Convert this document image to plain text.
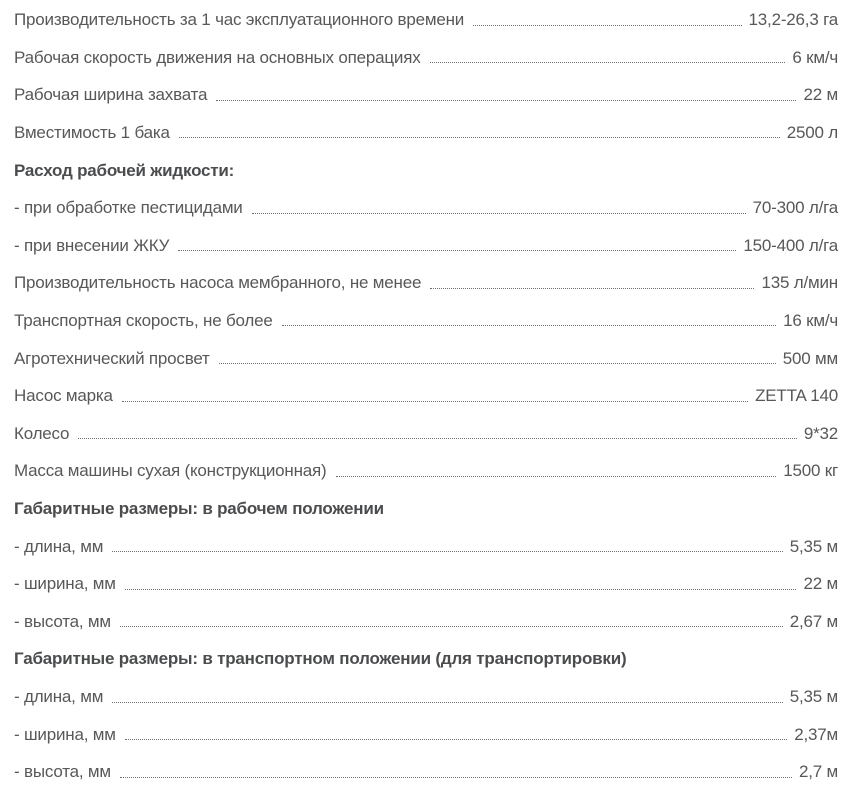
Производительность за 1 час эксплуатационного времени	13,2-26,3 га
Рабочая скорость движения на основных операциях	6 км/ч
Рабочая ширина захвата	22 м
Вместимость 1 бака	2500 л
Расход рабочей жидкости:
- при обработке пестицидами	70-300 л/га
- при внесении ЖКУ	150-400 л/га
Производительность насоса мембранного, не менее	135 л/мин
Транспортная скорость, не более	16 км/ч
Агротехнический просвет	500 мм
Насос марка	ZETTA 140
Колесо	9*32
Масса машины сухая (конструкционная)	1500 кг
Габаритные размеры: в рабочем положении
- длина, мм	5,35 м
- ширина, мм	22 м
- высота, мм	2,67 м
Габаритные размеры: в транспортном положении (для транспортировки)
- длина, мм	5,35 м
- ширина, мм	2,37м
- высота, мм	2,7 м
